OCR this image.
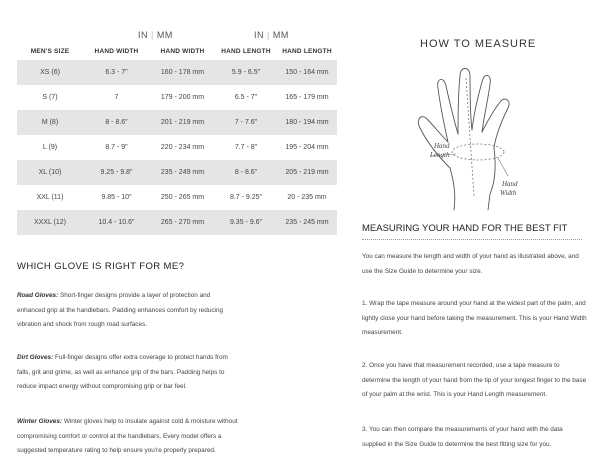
IN | MM	IN | MM
MEN'S SIZE	HAND WIDTH	HAND WIDTH	HAND LENGTH	HAND LENGTH
XS (6)	6.3 - 7"	160 - 178 mm	5.9 - 6.5"	150 - 164 mm
S (7)	7	179 - 200 mm	6.5 - 7"	165 - 179 mm
M (8)	8 - 8.6"	201 - 219 mm	7 - 7.6"	180 - 194 mm
L (9)	8.7 - 9"	220 - 234 mm	7.7 - 8"	195 - 204 mm
XL (10)	9.25 - 9.8"	235 - 249 mm	8 - 8.6"	205 - 219 mm
XXL (11)	9.85 - 10"	250 - 265 mm	8.7 - 9.25"	20 - 235 mm
XXXL (12)	10.4 - 10.6"	265 - 270 mm	9.35 - 9.6"	235 - 245 mm
WHICH GLOVE IS RIGHT FOR ME?
Road Gloves: Short-finger designs provide a layer of protection and enhanced grip at the handlebars. Padding enhances comfort by reducing vibration and shock from rough road surfaces.
Dirt Gloves: Full-finger designs offer extra coverage to protect hands from falls, grit and grime, as well as enhance grip of the bars. Padding helps to reduce impact energy without compromising grip or bar feel.
Winter Gloves: Winter gloves help to insulate against cold & moisture without compromising comfort or control at the handlebars. Every model offers a suggested temperature rating to help ensure you're properly prepared.
HOW TO MEASURE
Hand
Length
Hand
Width
MEASURING YOUR HAND FOR THE BEST FIT
You can measure the length and width of your hand as illustrated above, and use the Size Guide to determine your size.
1. Wrap the tape measure around your hand at the widest part of the palm, and lightly close your hand before taking the measurement. This is your Hand Width measurement.
2. Once you have that measurement recorded, use a tape measure to determine the length of your hand from the tip of your longest finger to the base of your palm at the wrist. This is your Hand Length measurement.
3. You can then compare the measurements of your hand with the data supplied in the Size Guide to determine the best fitting size for you.
